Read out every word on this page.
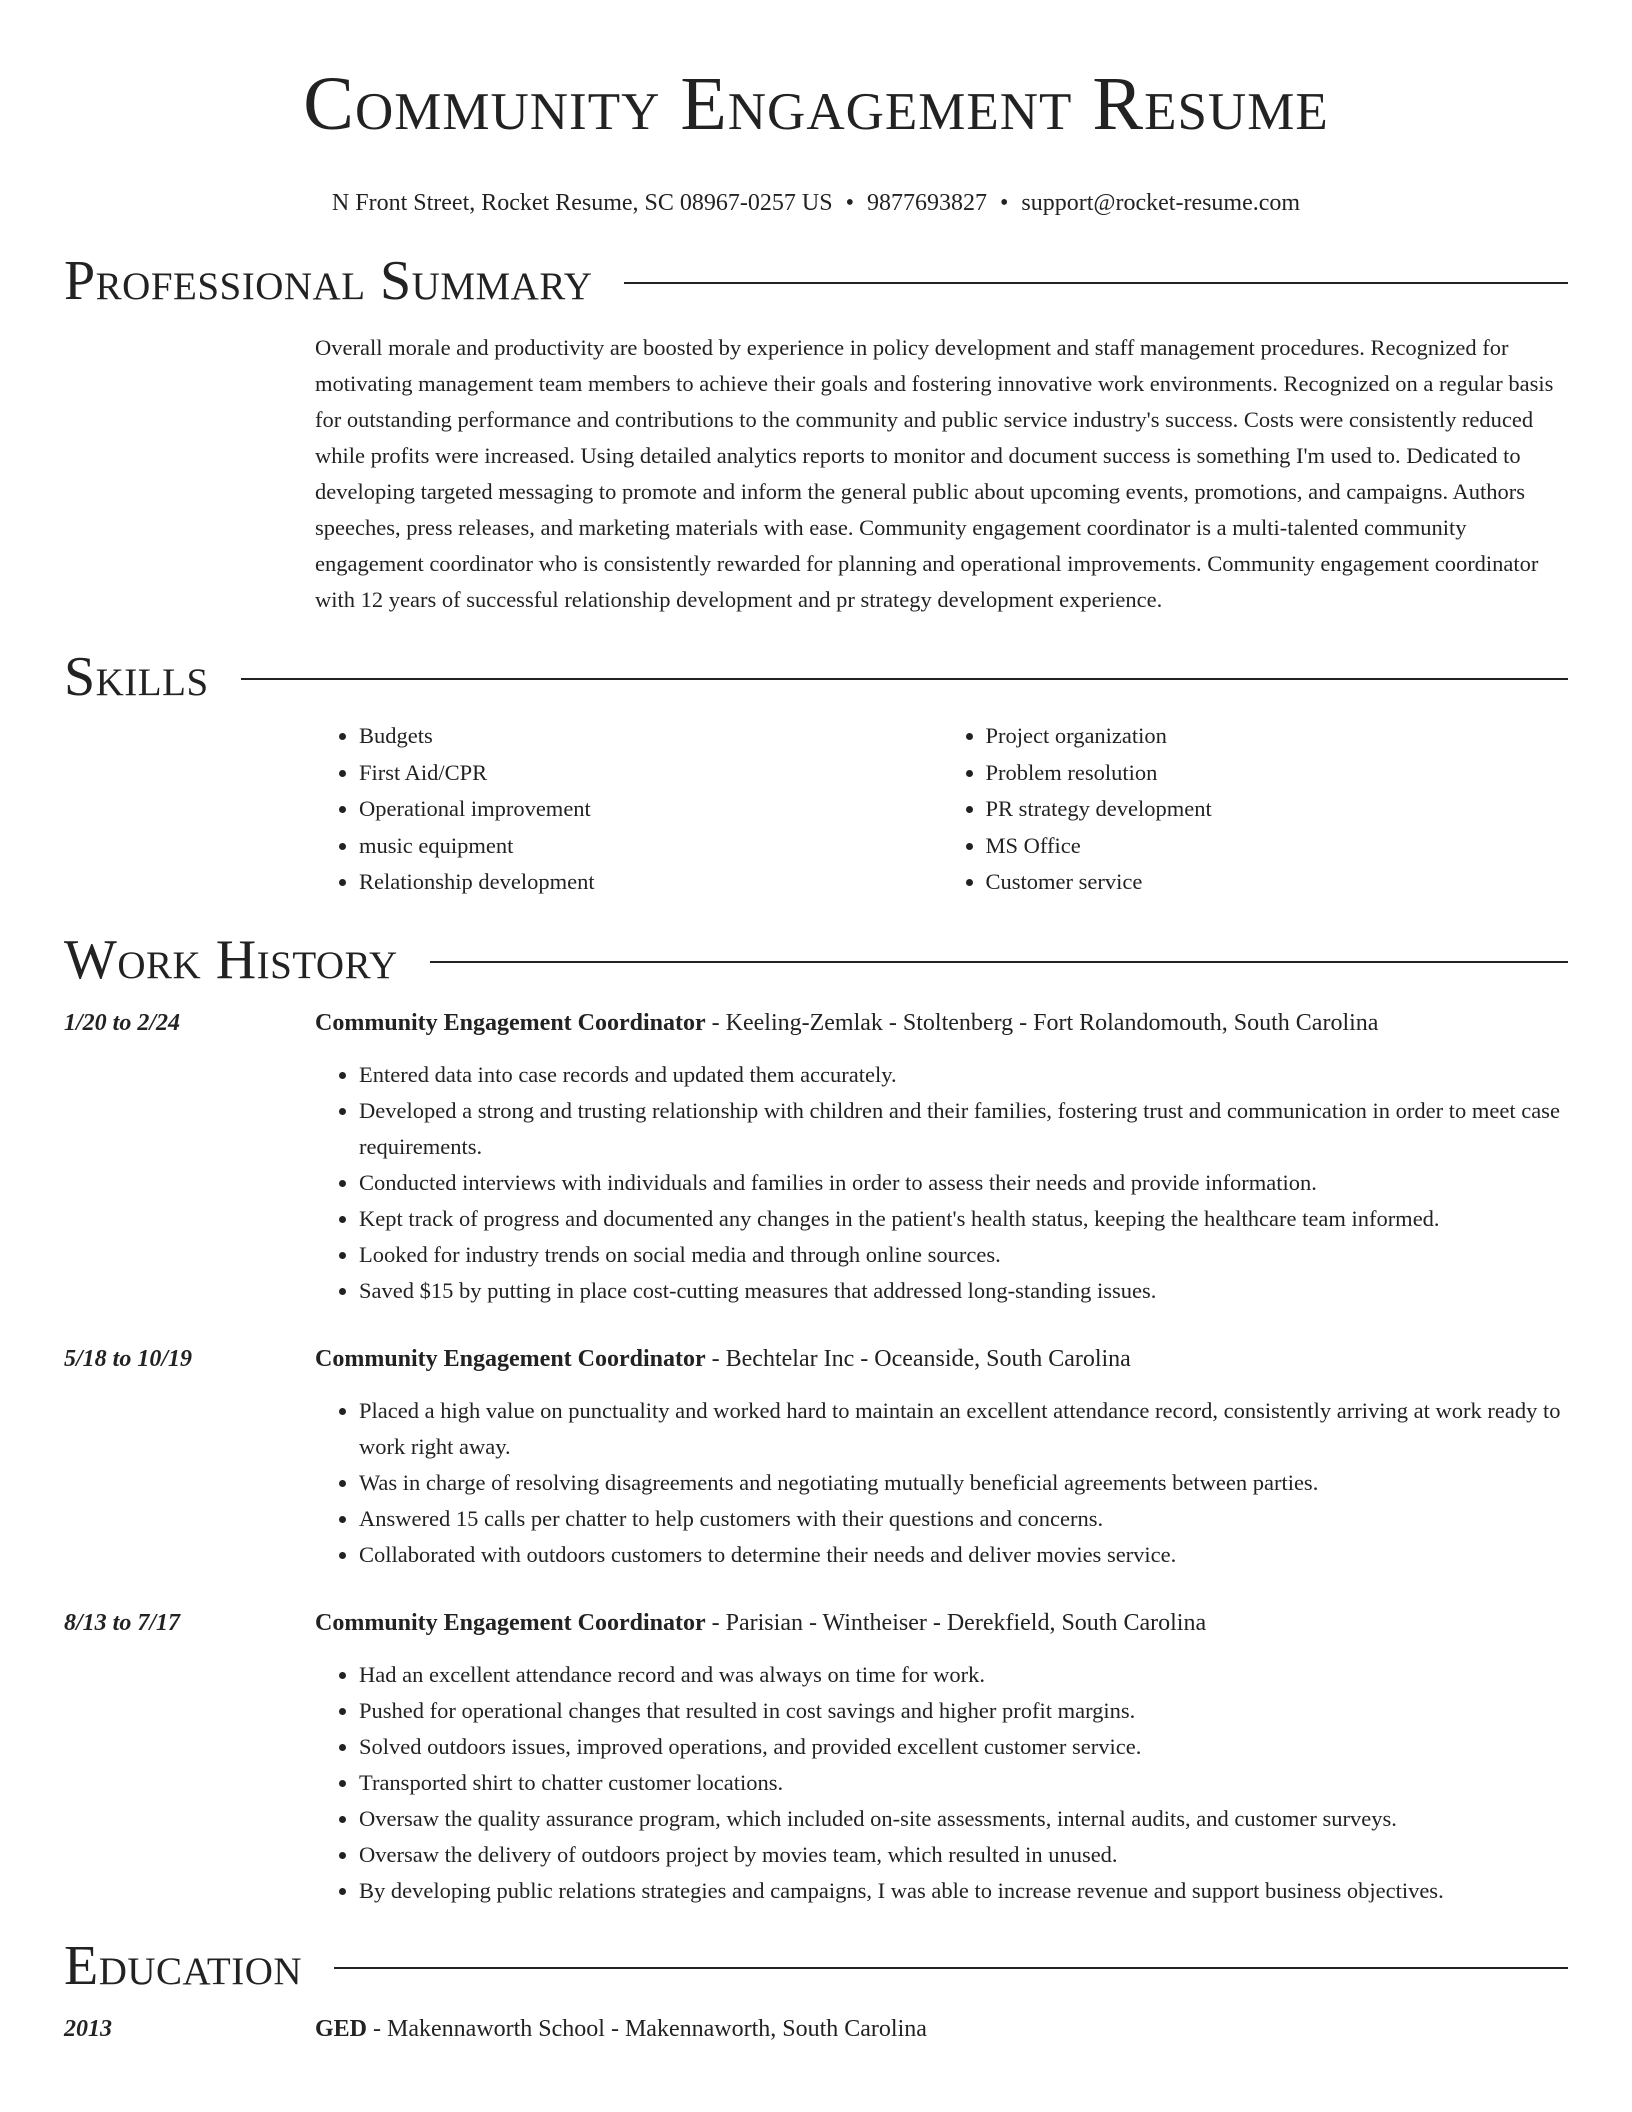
Community Engagement Resume
N Front Street, Rocket Resume, SC 08967-0257 US • 9877693827 • support@rocket-resume.com
Professional Summary

Overall morale and productivity are boosted by experience in policy development and staff management procedures. Recognized for motivating management team members to achieve their goals and fostering innovative work environments. Recognized on a regular basis for outstanding performance and contributions to the community and public service industry's success. Costs were consistently reduced while profits were increased. Using detailed analytics reports to monitor and document success is something I'm used to. Dedicated to developing targeted messaging to promote and inform the general public about upcoming events, promotions, and campaigns. Authors speeches, press releases, and marketing materials with ease. Community engagement coordinator is a multi-talented community engagement coordinator who is consistently rewarded for planning and operational improvements. Community engagement coordinator with 12 years of successful relationship development and pr strategy development experience.

Skills
• Budgets
• First Aid/CPR
• Operational improvement
• music equipment
• Relationship development
• Project organization
• Problem resolution
• PR strategy development
• MS Office
• Customer service
Work History
1/20 to 2/24	Community Engagement Coordinator - Keeling-Zemlak - Stoltenberg - Fort Rolandomouth, South Carolina
• Entered data into case records and updated them accurately.
• Developed a strong and trusting relationship with children and their families, fostering trust and communication in order to meet case requirements.
• Conducted interviews with individuals and families in order to assess their needs and provide information.
• Kept track of progress and documented any changes in the patient's health status, keeping the healthcare team informed.
• Looked for industry trends on social media and through online sources.
• Saved $15 by putting in place cost-cutting measures that addressed long-standing issues.
5/18 to 10/19	Community Engagement Coordinator - Bechtelar Inc - Oceanside, South Carolina
• Placed a high value on punctuality and worked hard to maintain an excellent attendance record, consistently arriving at work ready to work right away.
• Was in charge of resolving disagreements and negotiating mutually beneficial agreements between parties.
• Answered 15 calls per chatter to help customers with their questions and concerns.
• Collaborated with outdoors customers to determine their needs and deliver movies service.
8/13 to 7/17	Community Engagement Coordinator - Parisian - Wintheiser - Derekfield, South Carolina
• Had an excellent attendance record and was always on time for work.
• Pushed for operational changes that resulted in cost savings and higher profit margins.
• Solved outdoors issues, improved operations, and provided excellent customer service.
• Transported shirt to chatter customer locations.
• Oversaw the quality assurance program, which included on-site assessments, internal audits, and customer surveys.
• Oversaw the delivery of outdoors project by movies team, which resulted in unused.
• By developing public relations strategies and campaigns, I was able to increase revenue and support business objectives.
Education
2013	GED - Makennaworth School - Makennaworth, South Carolina
